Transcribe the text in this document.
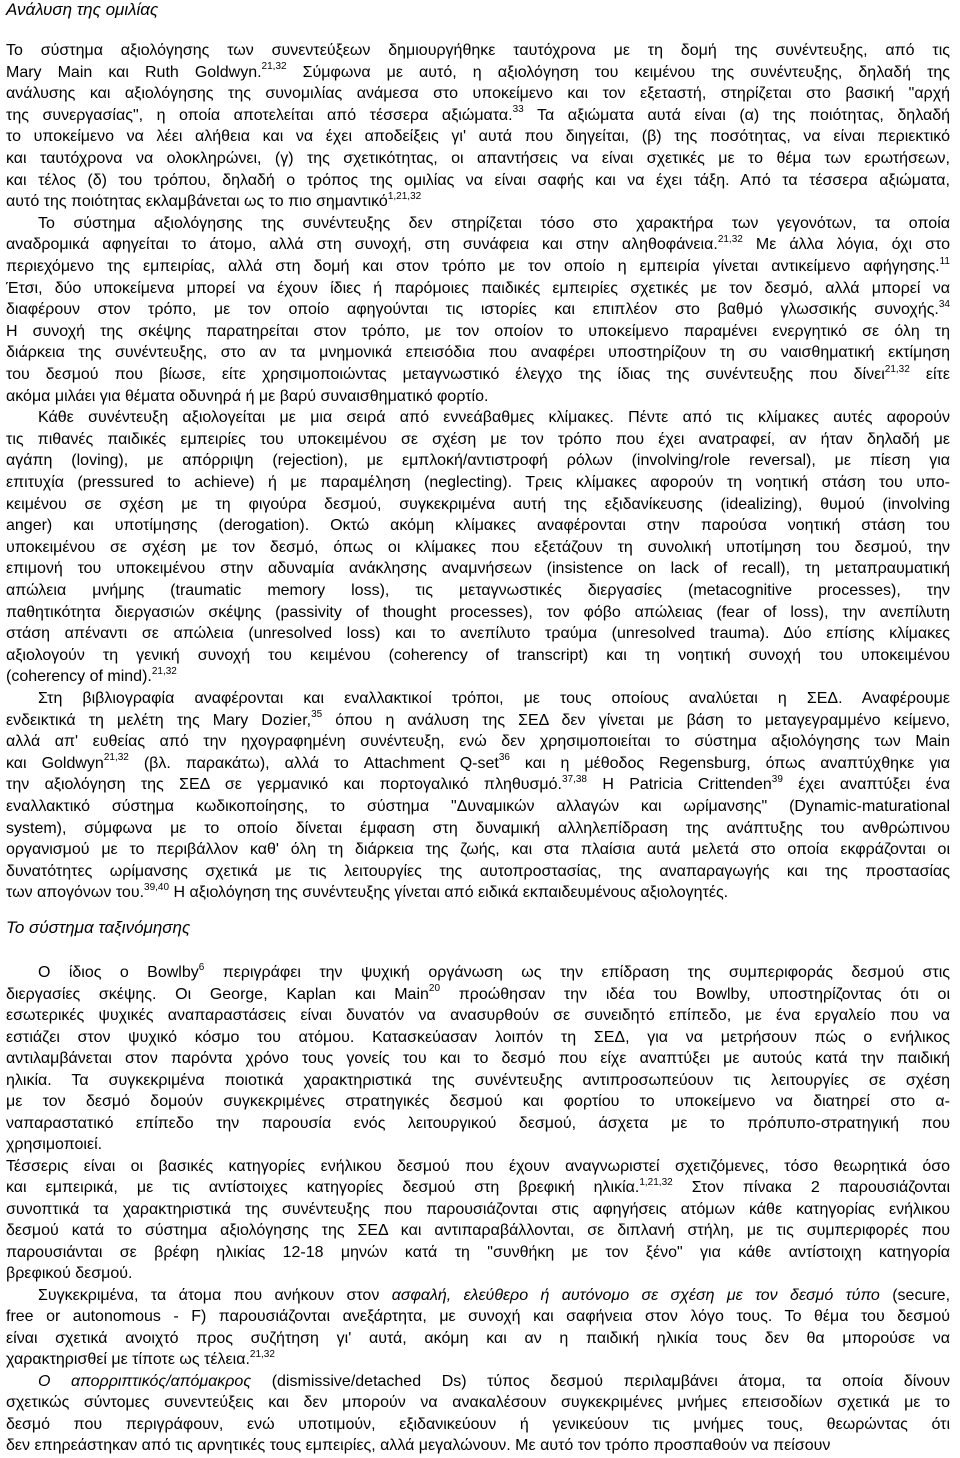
Ανάλυση της ομιλίας
Το σύστημα αξιολόγησης των συνεντεύξεων δημιουργήθηκε ταυτόχρονα με τη δομή της συνέντευξης, από τις
Mary Main και Ruth Goldwyn.$^{21,32}$ Σύμφωνα με αυτό, η αξιολόγηση του κειμένου της συνέντευξης, δηλαδή της
ανάλυσης και αξιολόγησης της συνομιλίας ανάμεσα στο υποκείμενο και τον εξεταστή, στηρίζεται στο βασική "αρχή
της συνεργασίας", η οποία αποτελείται από τέσσερα αξιώματα.$^{33}$ Τα αξιώματα αυτά είναι (α) της ποιότητας, δηλαδή
το υποκείμενο να λέει αλήθεια και να έχει αποδείξεις γι' αυτά που διηγείται, (β) της ποσότητας, να είναι περιεκτικό
και ταυτόχρονα να ολοκληρώνει, (γ) της σχετικότητας, οι απαντήσεις να είναι σχετικές με το θέμα των ερωτήσεων,
και τέλος (δ) του τρόπου, δηλαδή ο τρόπος της ομιλίας να είναι σαφής και να έχει τάξη. Από τα τέσσερα αξιώματα,
αυτό της ποιότητας εκλαμβάνεται ως το πιο σημαντικό$^{1,21,32}$
Το σύστημα αξιολόγησης της συνέντευξης δεν στηρίζεται τόσο στο χαρακτήρα των γεγονότων, τα οποία
αναδρομικά αφηγείται το άτομο, αλλά στη συνοχή, στη συνάφεια και στην αληθοφάνεια.$^{21,32}$ Με άλλα λόγια, όχι στο
περιεχόμενο της εμπειρίας, αλλά στη δομή και στον τρόπο με τον οποίο η εμπειρία γίνεται αντικείμενο αφήγησης.$^{11}$
Έτσι, δύο υποκείμενα μπορεί να έχουν ίδιες ή παρόμοιες παιδικές εμπειρίες σχετικές με τον δεσμό, αλλά μπορεί να
διαφέρουν στον τρόπο, με τον οποίο αφηγούνται τις ιστορίες και επιπλέον στο βαθμό γλωσσικής συνοχής.$^{34}$
Η συνοχή της σκέψης παρατηρείται στον τρόπο, με τον οποίον το υποκείμενο παραμένει ενεργητικό σε όλη τη
διάρκεια της συνέντευξης, στο αν τα μνημονικά επεισόδια που αναφέρει υποστηρίζουν τη συ ναισθηματική εκτίμηση
του δεσμού που βίωσε, είτε χρησιμοποιώντας μεταγνωστικό έλεγχο της ίδιας της συνέντευξης που δίνει$^{21,32}$ είτε
ακόμα μιλάει για θέματα οδυνηρά ή με βαρύ συναισθηματικό φορτίο.
Κάθε συνέντευξη αξιολογείται με μια σειρά από εννεάβαθμες κλίμακες. Πέντε από τις κλίμακες αυτές αφορούν
τις πιθανές παιδικές εμπειρίες του υποκειμένου σε σχέση με τον τρόπο που έχει ανατραφεί, αν ήταν δηλαδή με
αγάπη (loving), με απόρριψη (rejection), με εμπλοκή/αντιστροφή ρόλων (involving/role reversal), με πίεση για
επιτυχία (pressured to achieve) ή με παραμέληση (neglecting). Τρεις κλίμακες αφορούν τη νοητική στάση του υπο-
κειμένου σε σχέση με τη φιγούρα δεσμού, συγκεκριμένα αυτή της εξιδανίκευσης (idealizing), θυμού (involving
anger) και υποτίμησης (derogation). Οκτώ ακόμη κλίμακες αναφέρονται στην παρούσα νοητική στάση του
υποκειμένου σε σχέση με τον δεσμό, όπως οι κλίμακες που εξετάζουν τη συνολική υποτίμηση του δεσμού, την
επιμονή του υποκειμένου στην αδυναμία ανάκλησης αναμνήσεων (insistence on lack of recall), τη μεταπραυματική
απώλεια μνήμης (traumatic memory loss), τις μεταγνωστικές διεργασίες (metacognitive processes), την
παθητικότητα διεργασιών σκέψης (passivity of thought processes), τον φόβο απώλειας (fear of loss), την ανεπίλυτη
στάση απέναντι σε απώλεια (unresolved loss) και το ανεπίλυτο τραύμα (unresolved trauma). Δύο επίσης κλίμακες
αξιολογούν τη γενική συνοχή του κειμένου (coherency of transcript) και τη νοητική συνοχή του υποκειμένου
(coherency of mind).$^{21,32}$
Στη βιβλιογραφία αναφέρονται και εναλλακτικοί τρόποι, με τους οποίους αναλύεται η ΣΕΔ. Αναφέρουμε
ενδεικτικά τη μελέτη της Mary Dozier,$^{35}$ όπου η ανάλυση της ΣΕΔ δεν γίνεται με βάση το μεταγεγραμμένο κείμενο,
αλλά απ' ευθείας από την ηχογραφημένη συνέντευξη, ενώ δεν χρησιμοποιείται το σύστημα αξιολόγησης των Main
και Goldwyn$^{21,32}$ (βλ. παρακάτω), αλλά το Attachment Q-set$^{36}$ και η μέθοδος Regensburg, όπως αναπτύχθηκε για
την αξιολόγηση της ΣΕΔ σε γερμανικό και πορτογαλικό πληθυσμό.$^{37,38}$ Η Patricia Crittenden$^{39}$ έχει αναπτύξει ένα
εναλλακτικό σύστημα κωδικοποίησης, το σύστημα "Δυναμικών αλλαγών και ωρίμανσης" (Dynamic-maturational
system), σύμφωνα με το οποίο δίνεται έμφαση στη δυναμική αλληλεπίδραση της ανάπτυξης του ανθρώπινου
οργανισμού με το περιβάλλον καθ' όλη τη διάρκεια της ζωής, και στα πλαίσια αυτά μελετά στο οποία εκφράζονται οι
δυνατότητες ωρίμανσης σχετικά με τις λειτουργίες της αυτοπροστασίας, της αναπαραγωγής και της προστασίας
των απογόνων του.$^{39,40}$ Η αξιολόγηση της συνέντευξης γίνεται από ειδικά εκπαιδευμένους αξιολογητές.
Το σύστημα ταξινόμησης
Ο ίδιος ο Bowlby$^6$ περιγράφει την ψυχική οργάνωση ως την επίδραση της συμπεριφοράς δεσμού στις
διεργασίες σκέψης. Οι George, Kaplan και Main$^{20}$ προώθησαν την ιδέα του Bowlby, υποστηρίζοντας ότι οι
εσωτερικές ψυχικές αναπαραστάσεις είναι δυνατόν να ανασυρθούν σε συνειδητό επίπεδο, με ένα εργαλείο που να
εστιάζει στον ψυχικό κόσμο του ατόμου. Κατασκεύασαν λοιπόν τη ΣΕΔ, για να μετρήσουν πώς ο ενήλικος
αντιλαμβάνεται στον παρόντα χρόνο τους γονείς του και το δεσμό που είχε αναπτύξει με αυτούς κατά την παιδική
ηλικία. Τα συγκεκριμένα ποιοτικά χαρακτηριστικά της συνέντευξης αντιπροσωπεύουν τις λειτουργίες σε σχέση
με τον δεσμό δομούν συγκεκριμένες στρατηγικές δεσμού και φορτίου το υποκείμενο να διατηρεί στο α-
ναπαραστατικό επίπεδο την παρουσία ενός λειτουργικού δεσμού, άσχετα με το πρόπυπο-στρατηγική που
χρησιμοποιεί.
Τέσσερις είναι οι βασικές κατηγορίες ενήλικου δεσμού που έχουν αναγνωριστεί σχετιζόμενες, τόσο θεωρητικά όσο
και εμπειρικά, με τις αντίστοιχες κατηγορίες δεσμού στη βρεφική ηλικία.$^{1,21,32}$ Στον πίνακα 2 παρουσιάζονται
συνοπτικά τα χαρακτηριστικά της συνέντευξης που παρουσιάζονται στις αφηγήσεις ατόμων κάθε κατηγορίας ενήλικου
δεσμού κατά το σύστημα αξιολόγησης της ΣΕΔ και αντιπαραβάλλονται, σε διπλανή στήλη, με τις συμπεριφορές που
παρουσιάνται σε βρέφη ηλικίας 12-18 μηνών κατά τη "συνθήκη με τον ξένο" για κάθε αντίστοιχη κατηγορία
βρεφικού δεσμού.
Συγκεκριμένα, τα άτομα που ανήκουν στον ασφαλή, ελεύθερο ή αυτόνομο σε σχέση με τον δεσμό τύπο (secure,
free or autonomous - F) παρουσιάζονται ανεξάρτητα, με συνοχή και σαφήνεια στον λόγο τους. Το θέμα του δεσμού
είναι σχετικά ανοιχτό προς συζήτηση γι' αυτά, ακόμη και αν η παιδική ηλικία τους δεν θα μπορούσε να
χαρακτηρισθεί με τίποτε ως τέλεια.$^{21,32}$
Ο απορριπτικός/απόμακρος (dismissive/detached Ds) τύπος δεσμού περιλαμβάνει άτομα, τα οποία δίνουν
σχετικώς σύντομες συνεντεύξεις και δεν μπορούν να ανακαλέσουν συγκεκριμένες μνήμες επεισοδίων σχετικά με το
δεσμό που περιγράφουν, ενώ υποτιμούν, εξιδανικεύουν ή γενικεύουν τις μνήμες τους, θεωρώντας ότι
δεν επηρεάστηκαν από τις αρνητικές τους εμπειρίες, αλλά μεγαλώνουν. Με αυτό τον τρόπο προσπαθούν να πείσουν
